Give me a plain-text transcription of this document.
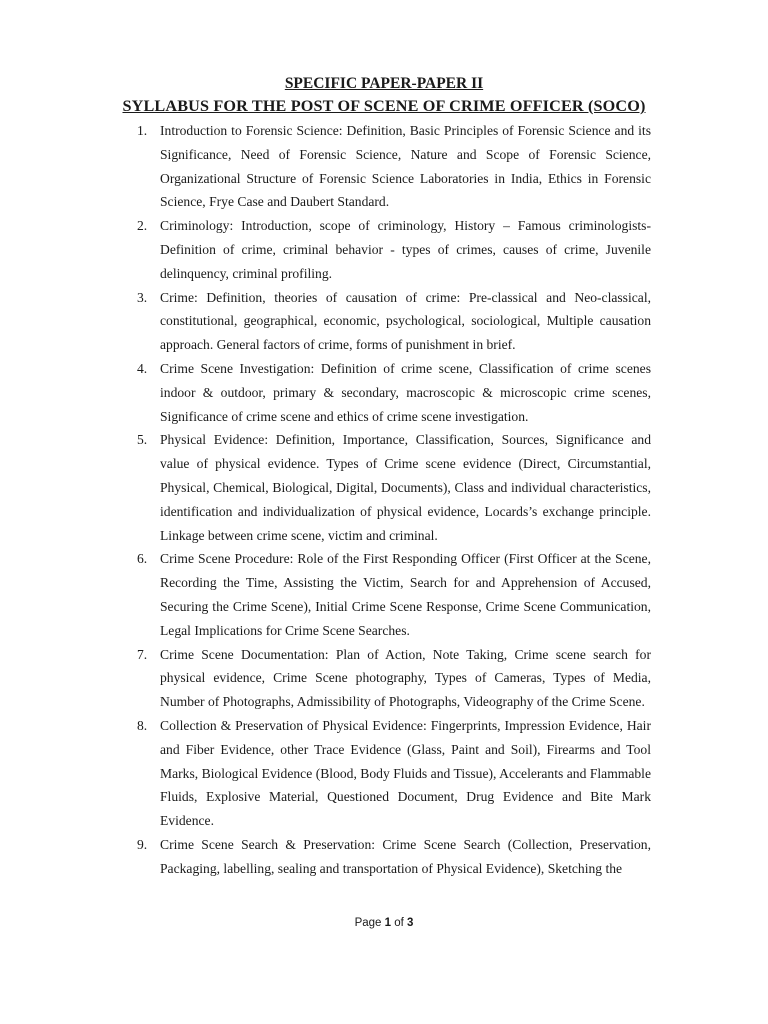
SPECIFIC PAPER-PAPER II
SYLLABUS FOR THE POST OF SCENE OF CRIME OFFICER (SOCO)
1. Introduction to Forensic Science: Definition, Basic Principles of Forensic Science and its Significance, Need of Forensic Science, Nature and Scope of Forensic Science, Organizational Structure of Forensic Science Laboratories in India, Ethics in Forensic Science, Frye Case and Daubert Standard.
2. Criminology: Introduction, scope of criminology, History – Famous criminologists- Definition of crime, criminal behavior - types of crimes, causes of crime, Juvenile delinquency, criminal profiling.
3. Crime: Definition, theories of causation of crime: Pre-classical and Neo-classical, constitutional, geographical, economic, psychological, sociological, Multiple causation approach. General factors of crime, forms of punishment in brief.
4. Crime Scene Investigation: Definition of crime scene, Classification of crime scenes indoor & outdoor, primary & secondary, macroscopic & microscopic crime scenes, Significance of crime scene and ethics of crime scene investigation.
5. Physical Evidence: Definition, Importance, Classification, Sources, Significance and value of physical evidence. Types of Crime scene evidence (Direct, Circumstantial, Physical, Chemical, Biological, Digital, Documents), Class and individual characteristics, identification and individualization of physical evidence, Locards’s exchange principle. Linkage between crime scene, victim and criminal.
6. Crime Scene Procedure: Role of the First Responding Officer (First Officer at the Scene, Recording the Time, Assisting the Victim, Search for and Apprehension of Accused, Securing the Crime Scene), Initial Crime Scene Response, Crime Scene Communication, Legal Implications for Crime Scene Searches.
7. Crime Scene Documentation: Plan of Action, Note Taking, Crime scene search for physical evidence, Crime Scene photography, Types of Cameras, Types of Media, Number of Photographs, Admissibility of Photographs, Videography of the Crime Scene.
8. Collection & Preservation of Physical Evidence: Fingerprints, Impression Evidence, Hair and Fiber Evidence, other Trace Evidence (Glass, Paint and Soil), Firearms and Tool Marks, Biological Evidence (Blood, Body Fluids and Tissue), Accelerants and Flammable Fluids, Explosive Material, Questioned Document, Drug Evidence and Bite Mark Evidence.
9. Crime Scene Search & Preservation: Crime Scene Search (Collection, Preservation, Packaging, labelling, sealing and transportation of Physical Evidence), Sketching the
Page 1 of 3
